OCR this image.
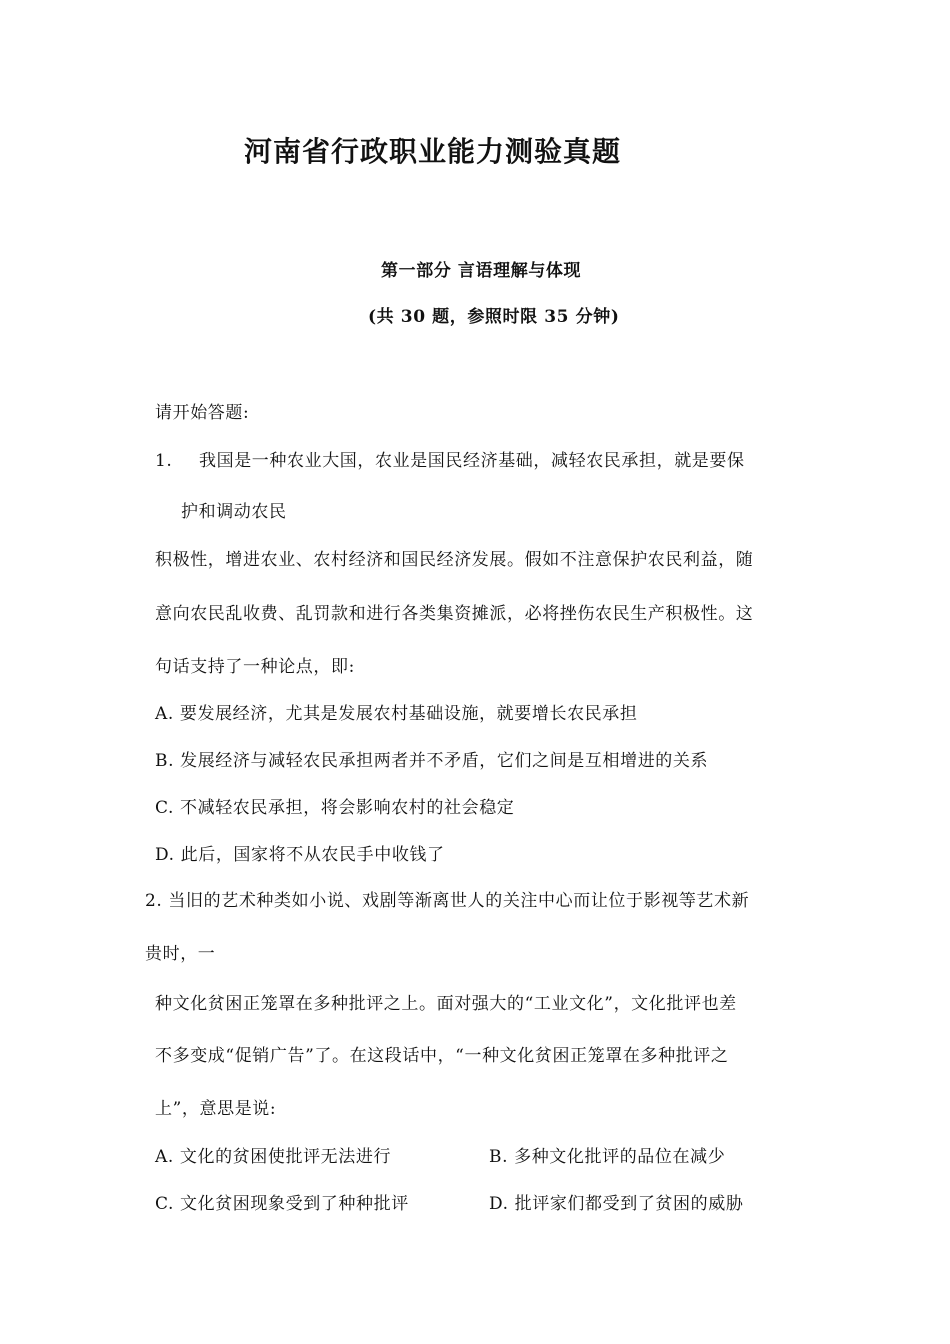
河南省行政职业能力测验真题
第一部分 言语理解与体现
(共 30 题，参照时限 35 分钟)
请开始答题:
1. 我国是一种农业大国，农业是国民经济基础，减轻农民承担，就是要保
护和调动农民
积极性，增进农业、农村经济和国民经济发展。假如不注意保护农民利益，随
意向农民乱收费、乱罚款和进行各类集资摊派，必将挫伤农民生产积极性。这
句话支持了一种论点，即:
A. 要发展经济，尤其是发展农村基础设施，就要增长农民承担
B. 发展经济与减轻农民承担两者并不矛盾，它们之间是互相增进的关系
C. 不减轻农民承担，将会影响农村的社会稳定
D. 此后，国家将不从农民手中收钱了
2. 当旧的艺术种类如小说、戏剧等渐离世人的关注中心而让位于影视等艺术新
贵时，一
种文化贫困正笼罩在多种批评之上。面对强大的“工业文化”，文化批评也差
不多变成“促销广告”了。在这段话中，“一种文化贫困正笼罩在多种批评之
上”，意思是说:
A. 文化的贫困使批评无法进行	B. 多种文化批评的品位在减少
C. 文化贫困现象受到了种种批评	D. 批评家们都受到了贫困的威胁
